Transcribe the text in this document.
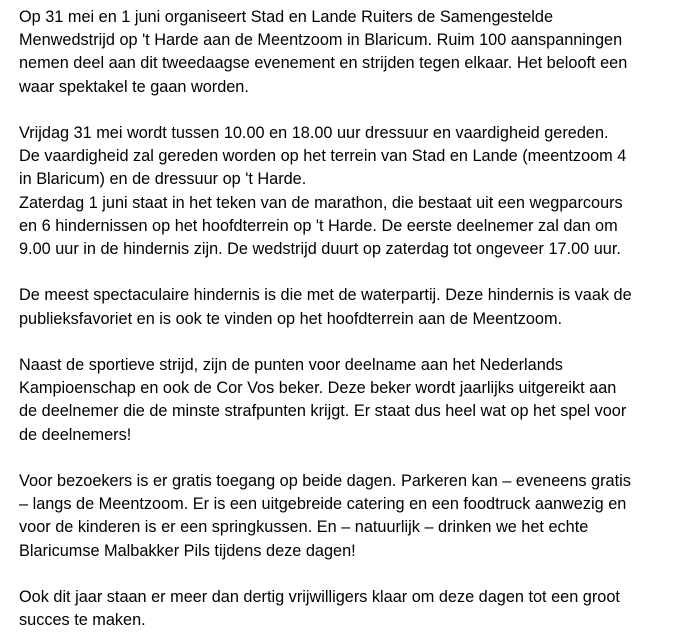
Op 31 mei en 1 juni organiseert Stad en Lande Ruiters de Samengestelde
Menwedstrijd op 't Harde aan de Meentzoom in Blaricum. Ruim 100 aanspanningen
nemen deel aan dit tweedaagse evenement en strijden tegen elkaar. Het belooft een
waar spektakel te gaan worden.

Vrijdag 31 mei wordt tussen 10.00 en 18.00 uur dressuur en vaardigheid gereden.
De vaardigheid zal gereden worden op het terrein van Stad en Lande (meentzoom 4
in Blaricum) en de dressuur op 't Harde.
Zaterdag 1 juni staat in het teken van de marathon, die bestaat uit een wegparcours
en 6 hindernissen op het hoofdterrein op 't Harde. De eerste deelnemer zal dan om
9.00 uur in de hindernis zijn. De wedstrijd duurt op zaterdag tot ongeveer 17.00 uur.

De meest spectaculaire hindernis is die met de waterpartij. Deze hindernis is vaak de
publieksfavoriet en is ook te vinden op het hoofdterrein aan de Meentzoom.

Naast de sportieve strijd, zijn de punten voor deelname aan het Nederlands
Kampioenschap en ook de Cor Vos beker. Deze beker wordt jaarlijks uitgereikt aan
de deelnemer die de minste strafpunten krijgt. Er staat dus heel wat op het spel voor
de deelnemers!

Voor bezoekers is er gratis toegang op beide dagen. Parkeren kan – eveneens gratis
– langs de Meentzoom. Er is een uitgebreide catering en een foodtruck aanwezig en
voor de kinderen is er een springkussen. En – natuurlijk – drinken we het echte
Blaricumse Malbakker Pils tijdens deze dagen!

Ook dit jaar staan er meer dan dertig vrijwilligers klaar om deze dagen tot een groot
succes te maken.
